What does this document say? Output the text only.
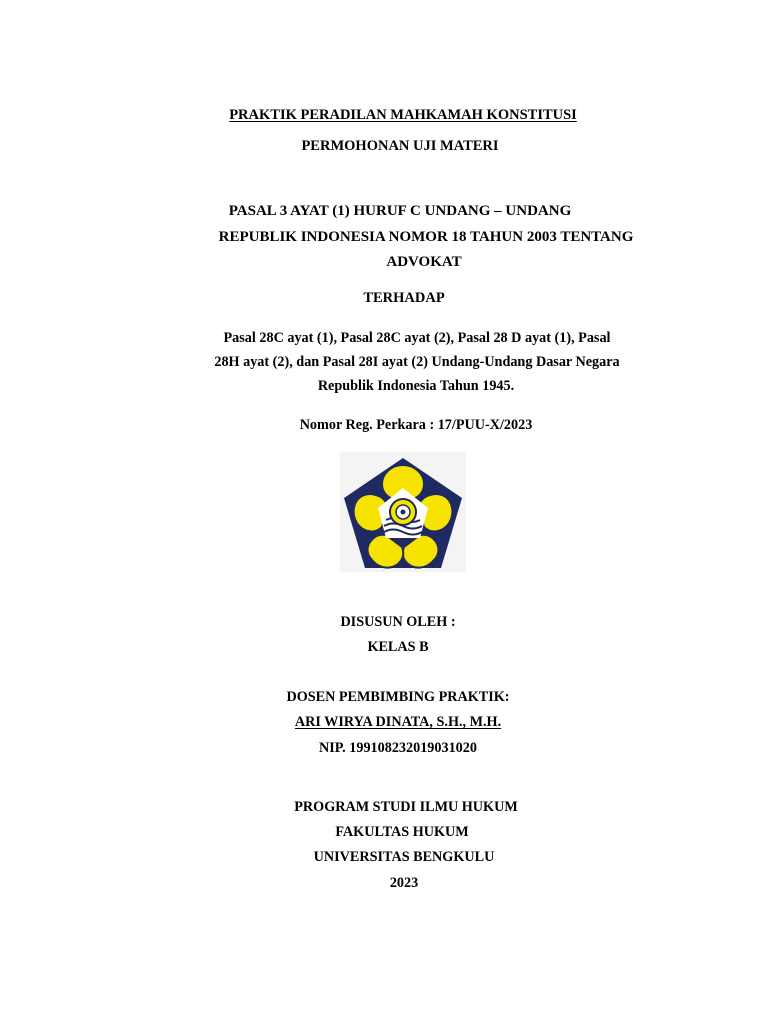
PRAKTIK PERADILAN MAHKAMAH KONSTITUSI
PERMOHONAN UJI MATERI
PASAL 3 AYAT (1) HURUF C UNDANG – UNDANG
REPUBLIK INDONESIA NOMOR 18 TAHUN 2003 TENTANG
ADVOKAT
TERHADAP
Pasal 28C ayat (1), Pasal 28C ayat (2), Pasal 28 D ayat (1), Pasal
28H ayat (2), dan Pasal 28I ayat (2) Undang-Undang Dasar Negara
Republik Indonesia Tahun 1945.
Nomor Reg. Perkara : 17/PUU-X/2023
DISUSUN OLEH :
KELAS B
DOSEN PEMBIMBING PRAKTIK:
ARI WIRYA DINATA, S.H., M.H.
NIP. 199108232019031020
PROGRAM STUDI ILMU HUKUM
FAKULTAS HUKUM
UNIVERSITAS BENGKULU
2023
